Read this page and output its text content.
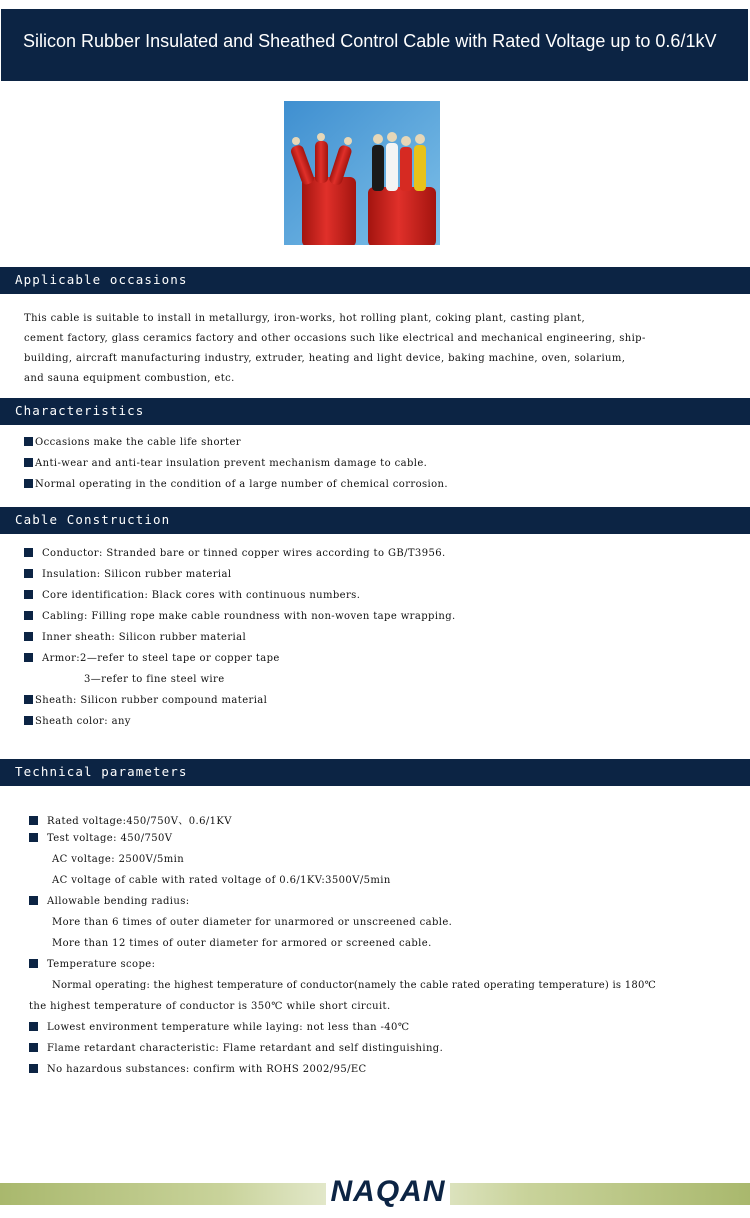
Silicon Rubber Insulated and Sheathed Control Cable with Rated Voltage up to 0.6/1kV
Applicable occasions
This cable is suitable to install in metallurgy, iron-works, hot rolling plant, coking plant, casting plant,
cement factory, glass ceramics factory and other occasions such like electrical and mechanical engineering, ship-
building, aircraft manufacturing industry, extruder, heating and light device, baking machine, oven, solarium,
and sauna equipment combustion, etc.
Characteristics
Occasions make the cable life shorter
Anti-wear and anti-tear insulation prevent mechanism damage to cable.
Normal operating in the condition of a large number of chemical corrosion.
Cable Construction
Conductor: Stranded bare or tinned copper wires according to GB/T3956.
Insulation: Silicon rubber material
Core identification: Black cores with continuous numbers.
Cabling: Filling rope make cable roundness with non-woven tape wrapping.
Inner sheath: Silicon rubber material
Armor:2—refer to steel tape or copper tape
3—refer to fine steel wire
Sheath: Silicon rubber compound material
Sheath color: any
Technical parameters
Rated voltage:450/750V、0.6/1KV
Test voltage: 450/750V
AC voltage: 2500V/5min
AC voltage of cable with rated voltage of 0.6/1KV:3500V/5min
Allowable bending radius:
More than 6 times of outer diameter for unarmored or unscreened cable.
More than 12 times of outer diameter for armored or screened cable.
Temperature scope:
Normal operating: the highest temperature of conductor(namely the cable rated operating temperature) is 180℃
the highest temperature of conductor is 350℃ while short circuit.
Lowest environment temperature while laying: not less than -40℃
Flame retardant characteristic: Flame retardant and self distinguishing.
No hazardous substances: confirm with ROHS 2002/95/EC
NAQAN
